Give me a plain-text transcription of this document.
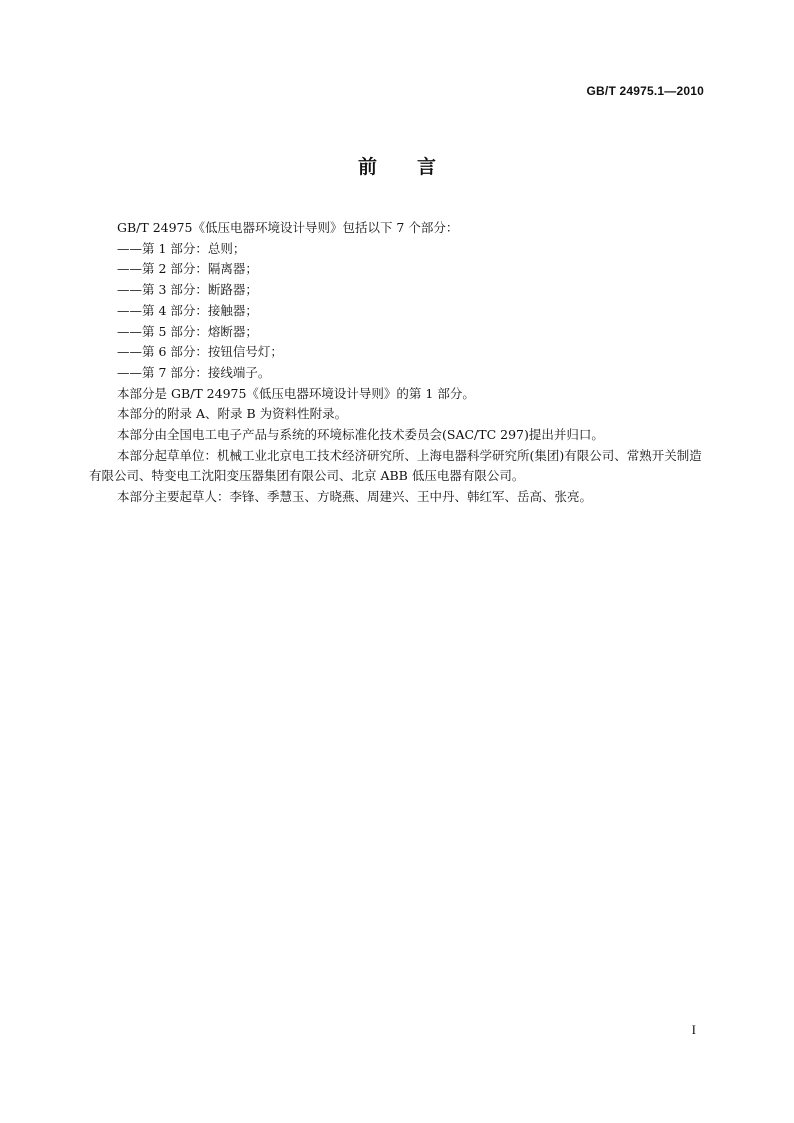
GB/T 24975.1—2010
前 言

GB/T 24975《低压电器环境设计导则》包括以下 7 个部分：

——第 1 部分：总则；

——第 2 部分：隔离器；

——第 3 部分：断路器；

——第 4 部分：接触器；

——第 5 部分：熔断器；

——第 6 部分：按钮信号灯；

——第 7 部分：接线端子。

本部分是 GB/T 24975《低压电器环境设计导则》的第 1 部分。

本部分的附录 A、附录 B 为资料性附录。

本部分由全国电工电子产品与系统的环境标准化技术委员会(SAC/TC 297)提出并归口。

本部分起草单位：机械工业北京电工技术经济研究所、上海电器科学研究所(集团)有限公司、常熟开关制造有限公司、特变电工沈阳变压器集团有限公司、北京 ABB 低压电器有限公司。

本部分主要起草人：李锋、季慧玉、方晓燕、周建兴、王中丹、韩红军、岳高、张亮。

I
